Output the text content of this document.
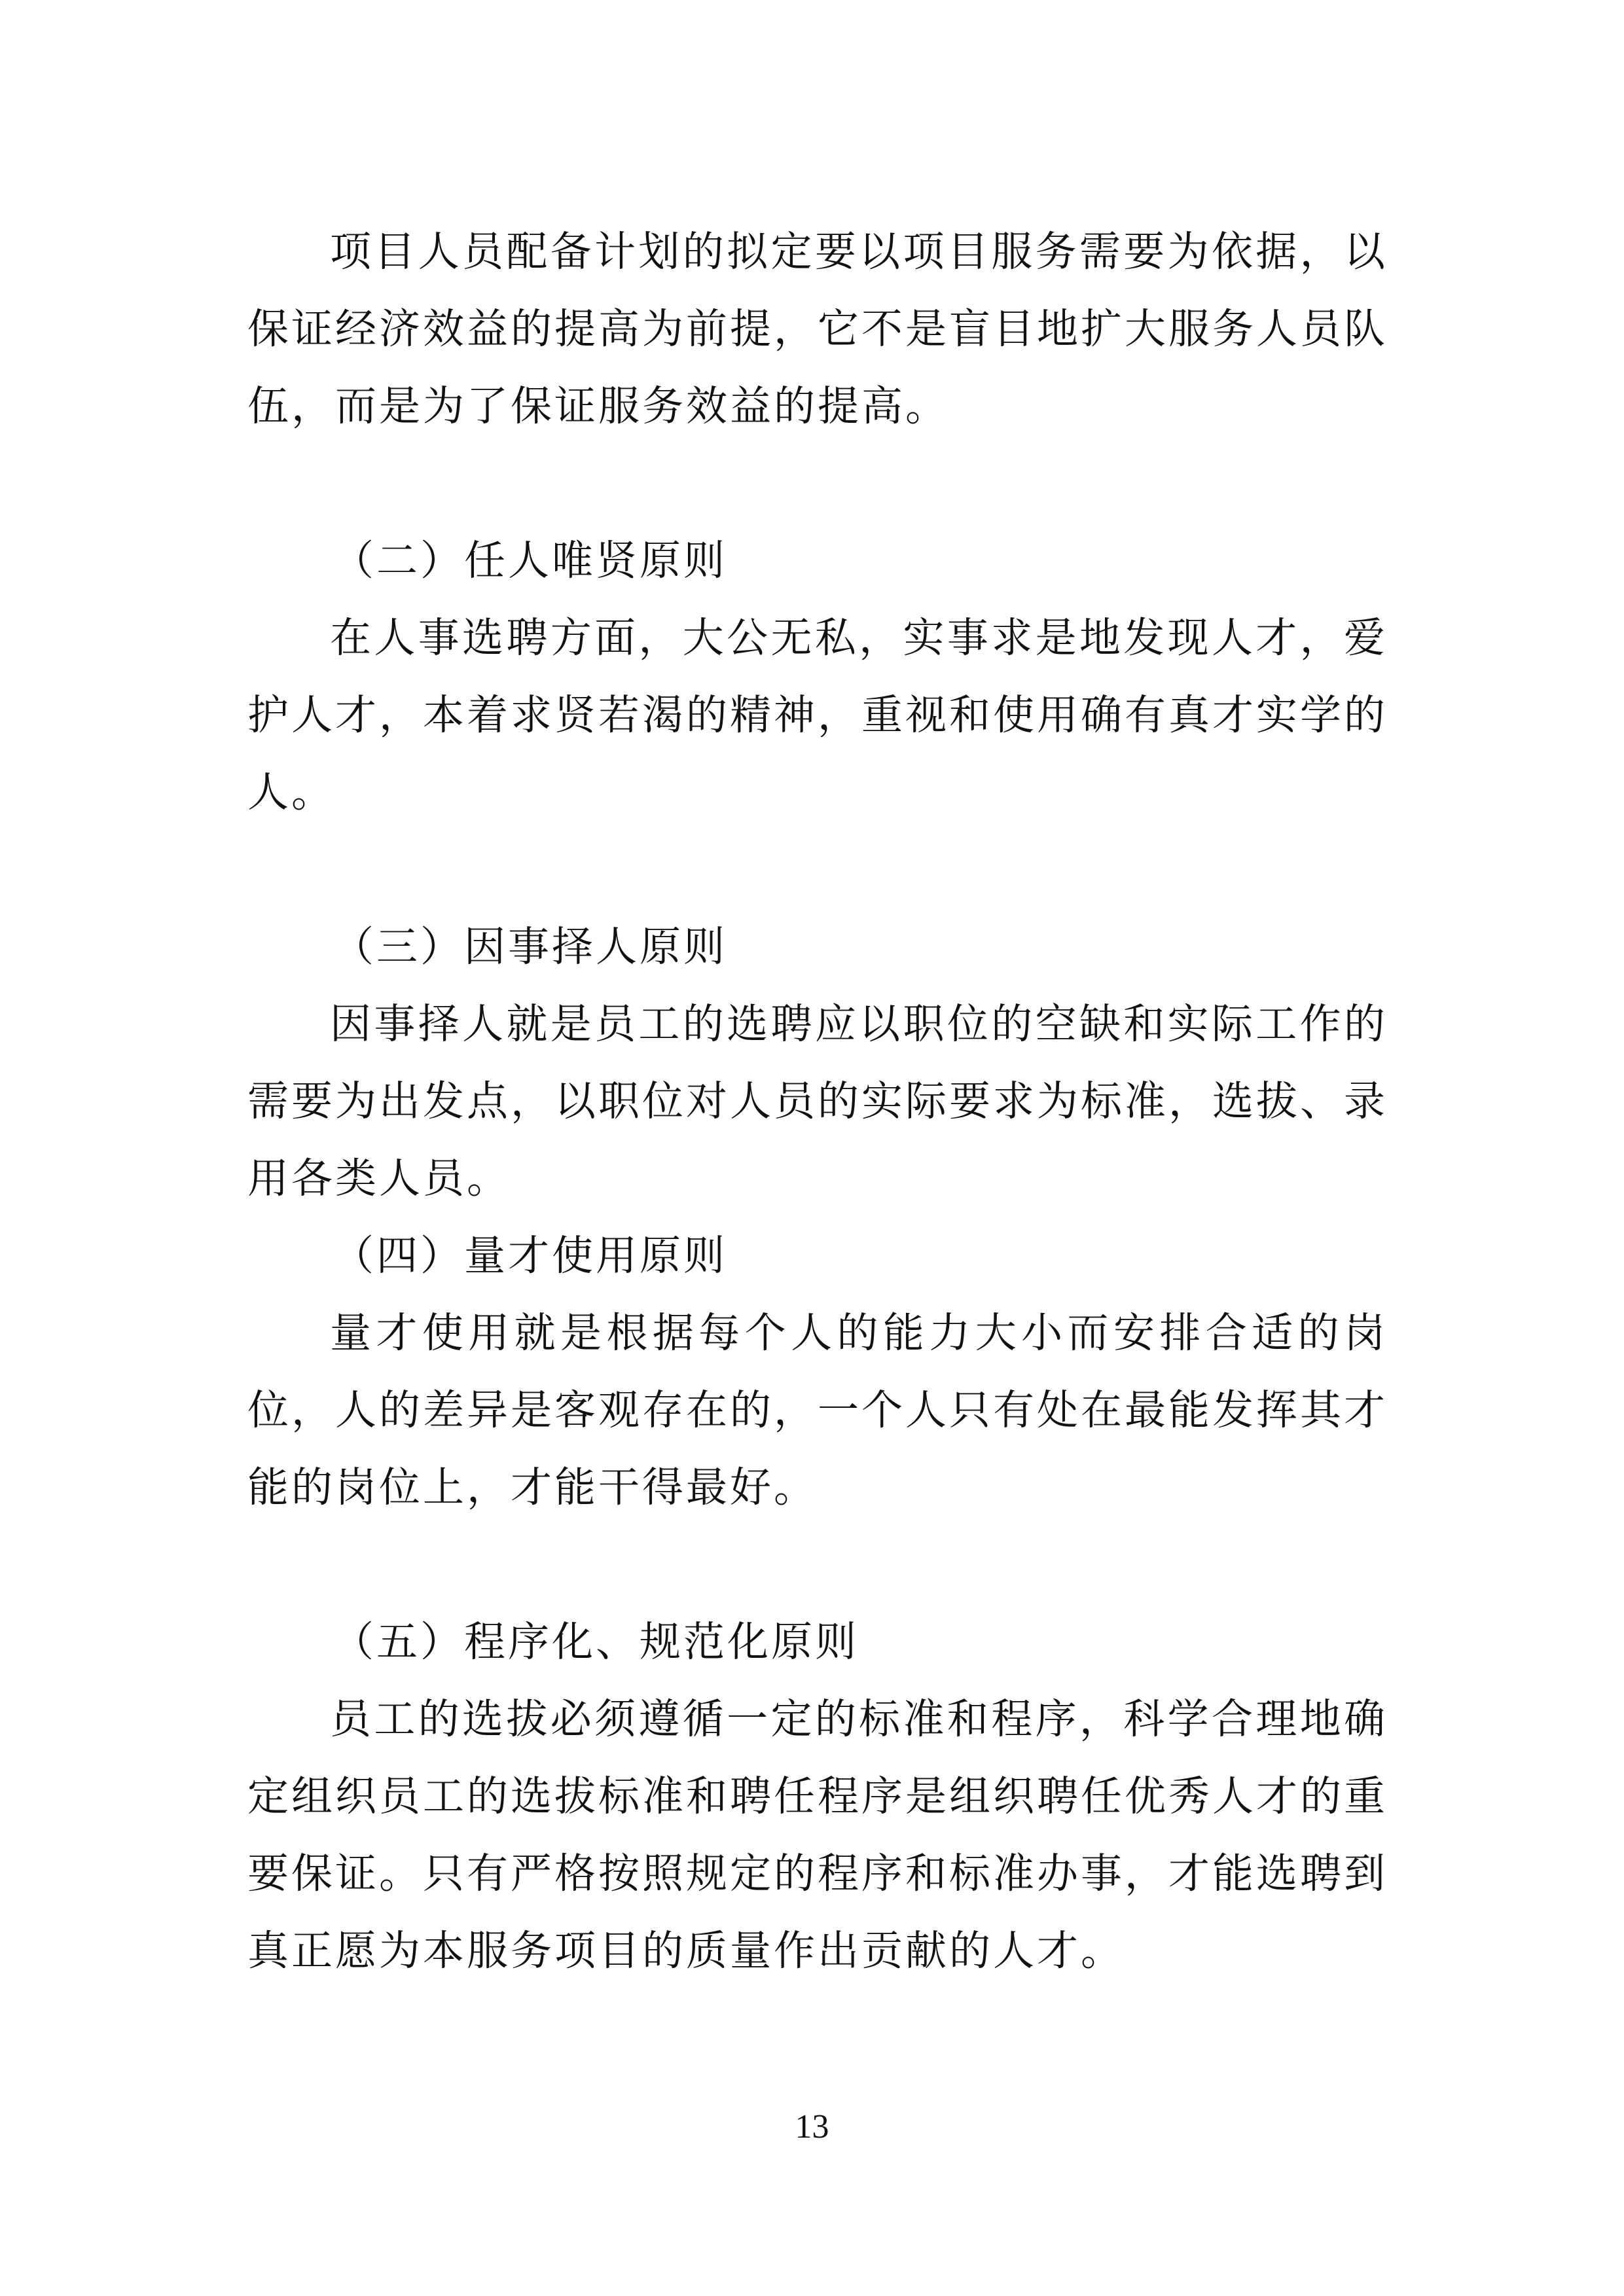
项目人员配备计划的拟定要以项目服务需要为依据，以保证经济效益的提高为前提，它不是盲目地扩大服务人员队伍，而是为了保证服务效益的提高。

（二）任人唯贤原则

在人事选聘方面，大公无私，实事求是地发现人才，爱护人才，本着求贤若渴的精神，重视和使用确有真才实学的人。

（三）因事择人原则

因事择人就是员工的选聘应以职位的空缺和实际工作的需要为出发点，以职位对人员的实际要求为标准，选拔、录用各类人员。

（四）量才使用原则

量才使用就是根据每个人的能力大小而安排合适的岗位，人的差异是客观存在的，一个人只有处在最能发挥其才能的岗位上，才能干得最好。

（五）程序化、规范化原则

员工的选拔必须遵循一定的标准和程序，科学合理地确定组织员工的选拔标准和聘任程序是组织聘任优秀人才的重要保证。只有严格按照规定的程序和标准办事，才能选聘到真正愿为本服务项目的质量作出贡献的人才。

13
